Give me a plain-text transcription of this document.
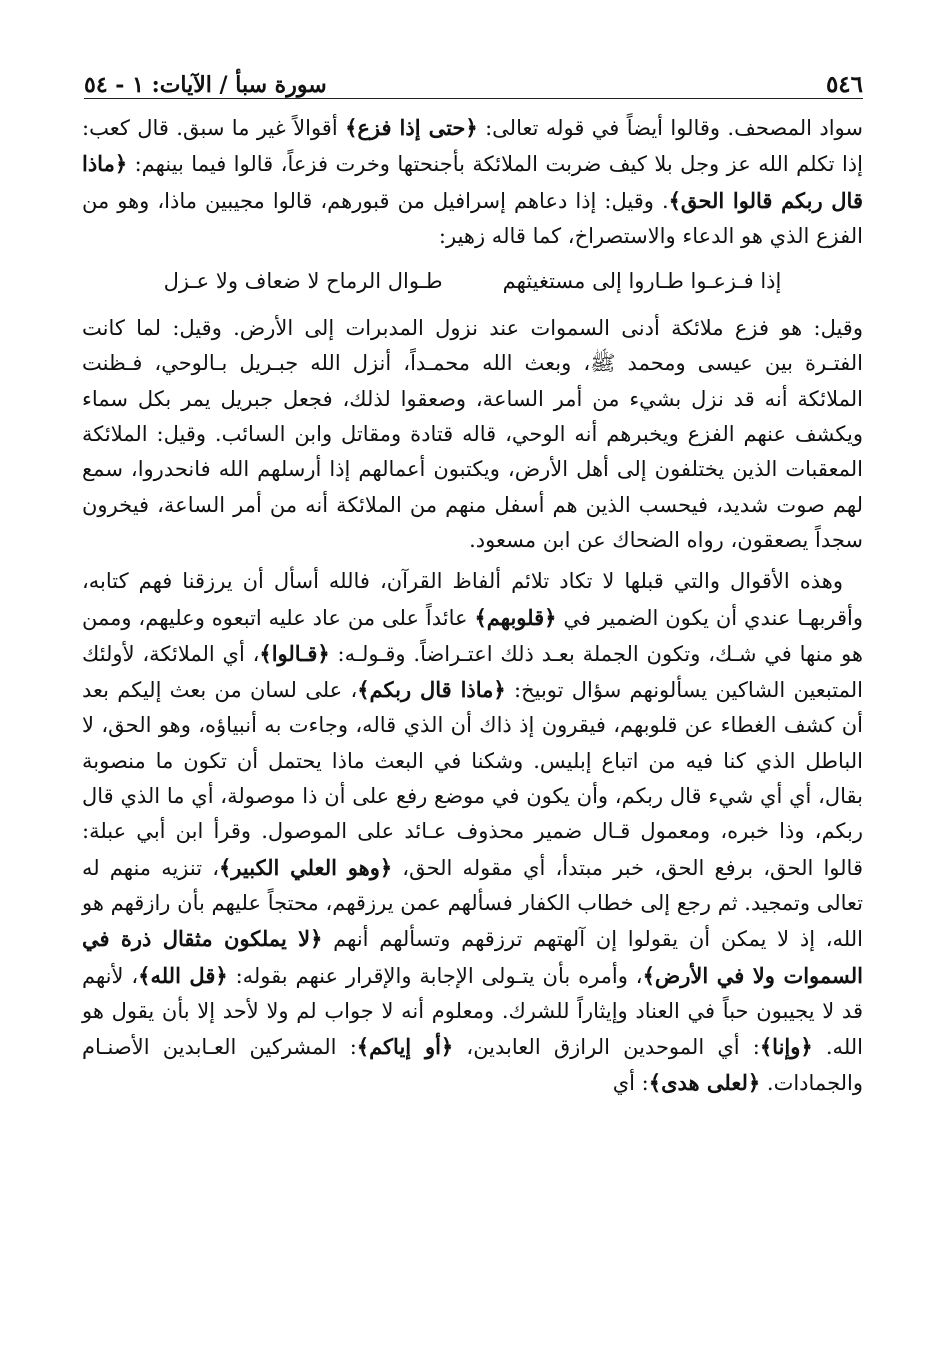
٥٤٦
سورة سبأ / الآيات: ١ - ٥٤

سواد المصحف. وقالوا أيضاً في قوله تعالى: ﴿حتى إذا فزع﴾ أقوالاً غير ما سبق. قال كعب: إذا تكلم الله عز وجل بلا كيف ضربت الملائكة بأجنحتها وخرت فزعاً، قالوا فيما بينهم: ﴿ماذا قال ربكم قالوا الحق﴾. وقيل: إذا دعاهم إسرافيل من قبورهم، قالوا مجيبين ماذا، وهو من الفزع الذي هو الدعاء والاستصراخ، كما قاله زهير:

إذا فـزعـوا طـاروا إلى مستغيثهم
طـوال الرماح لا ضعاف ولا عـزل

وقيل: هو فزع ملائكة أدنى السموات عند نزول المدبرات إلى الأرض. وقيل: لما كانت الفتـرة بين عيسى ومحمد ﷺ، وبعث الله محمـداً، أنزل الله جبـريل بـالوحي، فـظنت الملائكة أنه قد نزل بشيء من أمر الساعة، وصعقوا لذلك، فجعل جبريل يمر بكل سماء ويكشف عنهم الفزع ويخبرهم أنه الوحي، قاله قتادة ومقاتل وابن السائب. وقيل: الملائكة المعقبات الذين يختلفون إلى أهل الأرض، ويكتبون أعمالهم إذا أرسلهم الله فانحدروا، سمع لهم صوت شديد، فيحسب الذين هم أسفل منهم من الملائكة أنه من أمر الساعة، فيخرون سجداً يصعقون، رواه الضحاك عن ابن مسعود.

وهذه الأقوال والتي قبلها لا تكاد تلائم ألفاظ القرآن، فالله أسأل أن يرزقنا فهم كتابه، وأقربهـا عندي أن يكون الضمير في ﴿قلوبهم﴾ عائداً على من عاد عليه اتبعوه وعليهم، وممن هو منها في شـك، وتكون الجملة بعـد ذلك اعتـراضاً. وقـولـه: ﴿قـالوا﴾، أي الملائكة، لأولئك المتبعين الشاكين يسألونهم سؤال توبيخ: ﴿ماذا قال ربكم﴾، على لسان من بعث إليكم بعد أن كشف الغطاء عن قلوبهم، فيقرون إذ ذاك أن الذي قاله، وجاءت به أنبياؤه، وهو الحق، لا الباطل الذي كنا فيه من اتباع إبليس. وشكنا في البعث ماذا يحتمل أن تكون ما منصوبة بقال، أي أي شيء قال ربكم، وأن يكون في موضع رفع على أن ذا موصولة، أي ما الذي قال ربكم، وذا خبره، ومعمول قـال ضمير محذوف عـائد على الموصول. وقرأ ابن أبي عبلة: قالوا الحق، برفع الحق، خبر مبتدأ، أي مقوله الحق، ﴿وهو العلي الكبير﴾، تنزيه منهم له تعالى وتمجيد. ثم رجع إلى خطاب الكفار فسألهم عمن يرزقهم، محتجاً عليهم بأن رازقهم هو الله، إذ لا يمكن أن يقولوا إن آلهتهم ترزقهم وتسألهم أنهم ﴿لا يملكون مثقال ذرة في السموات ولا في الأرض﴾، وأمره بأن يتـولى الإجابة والإقرار عنهم بقوله: ﴿قل الله﴾، لأنهم قد لا يجيبون حباً في العناد وإيثاراً للشرك. ومعلوم أنه لا جواب لم ولا لأحد إلا بأن يقول هو الله. ﴿وإنا﴾: أي الموحدين الرازق العابدين، ﴿أو إياكم﴾: المشركين العـابدين الأصنـام والجمادات. ﴿لعلى هدى﴾: أي
